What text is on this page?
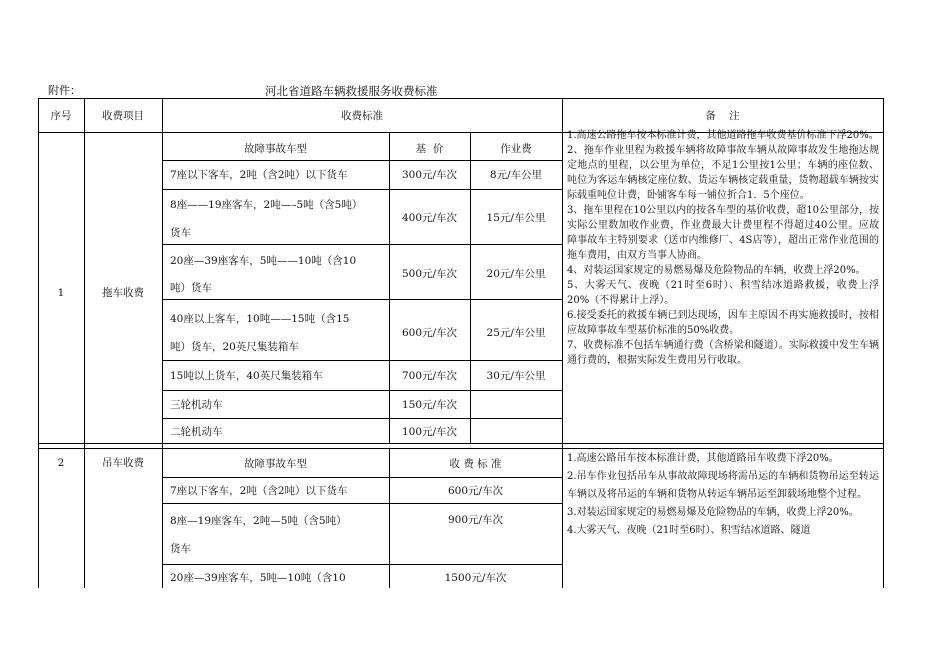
附件：	河北省道路车辆救援服务收费标准
序号	收费项目	收费标准	备    注
1	拖车收费
故障事故车型	基  价	作业费
7座以下客车，2吨（含2吨）以下货车	300元/车次	8元/车公里
8座——19座客车，2吨—–5吨（含5吨）
货车
400元/车次	15元/车公里
20座—39座客车，5吨——10吨（含10
吨）货车
500元/车次	20元/车公里
40座以上客车，10吨——15吨（含15
吨）货车，20英尺集装箱车
600元/车次	25元/车公里
15吨以上货车，40英尺集装箱车	700元/车次	30元/车公里
三轮机动车	150元/车次
二轮机动车	100元/车次
1.高速公路拖车按本标准计费，其他道路拖车收费基价标准下浮20%。
2、拖车作业里程为救援车辆将故障事故车辆从故障事故发生地拖达规定地点的里程，以公里为单位，不足1公里按1公里；车辆的座位数、吨位为客运车辆核定座位数、货运车辆核定载重量，货物超载车辆按实际载重吨位计费，卧铺客车每一铺位折合1．5个座位。
3、拖车里程在10公里以内的按各车型的基价收费，超10公里部分，按实际公里数加收作业费，作业费最大计费里程不得超过40公里。应故障事故车主特别要求（送市内维修厂、4S店等），超出正常作业范围的拖车费用，由双方当事人协商。
4、对装运国家规定的易燃易爆及危险物品的车辆，收费上浮20%。
5、大雾天气、夜晚（21时至6时）、积雪结冰道路救援，收费上浮20%（不得累计上浮）。
6.接受委托的救援车辆已到达现场，因车主原因不再实施救援时，按相应故障事故车型基价标准的50%收费。
7、收费标准不包括车辆通行费（含桥梁和隧道）。实际救援中发生车辆通行费的，根据实际发生费用另行收取。
2	吊车收费	故障事故车型	收 费 标 准
7座以下客车，2吨（含2吨）以下货车	600元/车次
8座—19座客车，2吨—5吨（含5吨）
货车
900元/车次
20座—39座客车，5吨—10吨（含10	1500元/车次
1.高速公路吊车按本标准计费，其他道路吊车收费下浮20%。
2.吊车作业包括吊车从事故故障现场将需吊运的车辆和货物吊运至转运车辆以及将吊运的车辆和货物从转运车辆吊运至卸载场地整个过程。
3.对装运国家规定的易燃易爆及危险物品的车辆，收费上浮20%。
4.大雾天气、夜晚（21时至6时）、积雪结冰道路、隧道
